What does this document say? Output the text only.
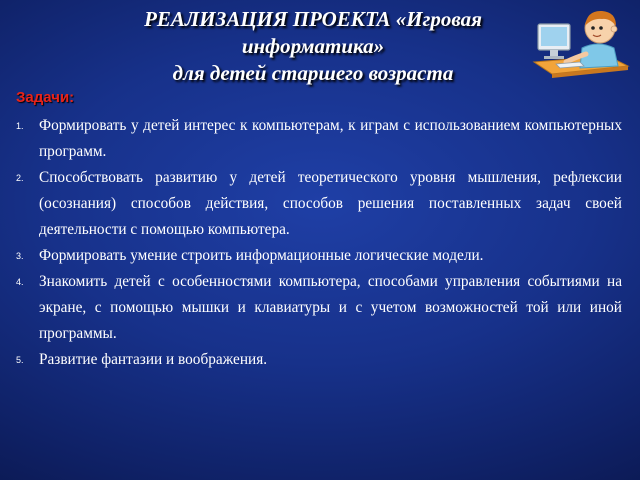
РЕАЛИЗАЦИЯ ПРОЕКТА «Игровая
информатика»
для детей старшего возраста
Задачи:
1. Формировать у детей интерес к компьютерам, к играм с использованием компьютерных программ.
2. Способствовать развитию у детей теоретического уровня мышления, рефлексии (осознания) способов действия, способов решения поставленных задач своей деятельности с помощью компьютера.
3. Формировать умение строить информационные логические модели.
4. Знакомить детей с особенностями компьютера, способами управления событиями на экране, с помощью мышки и клавиатуры и с учетом возможностей той или иной программы.
5. Развитие фантазии и воображения.
